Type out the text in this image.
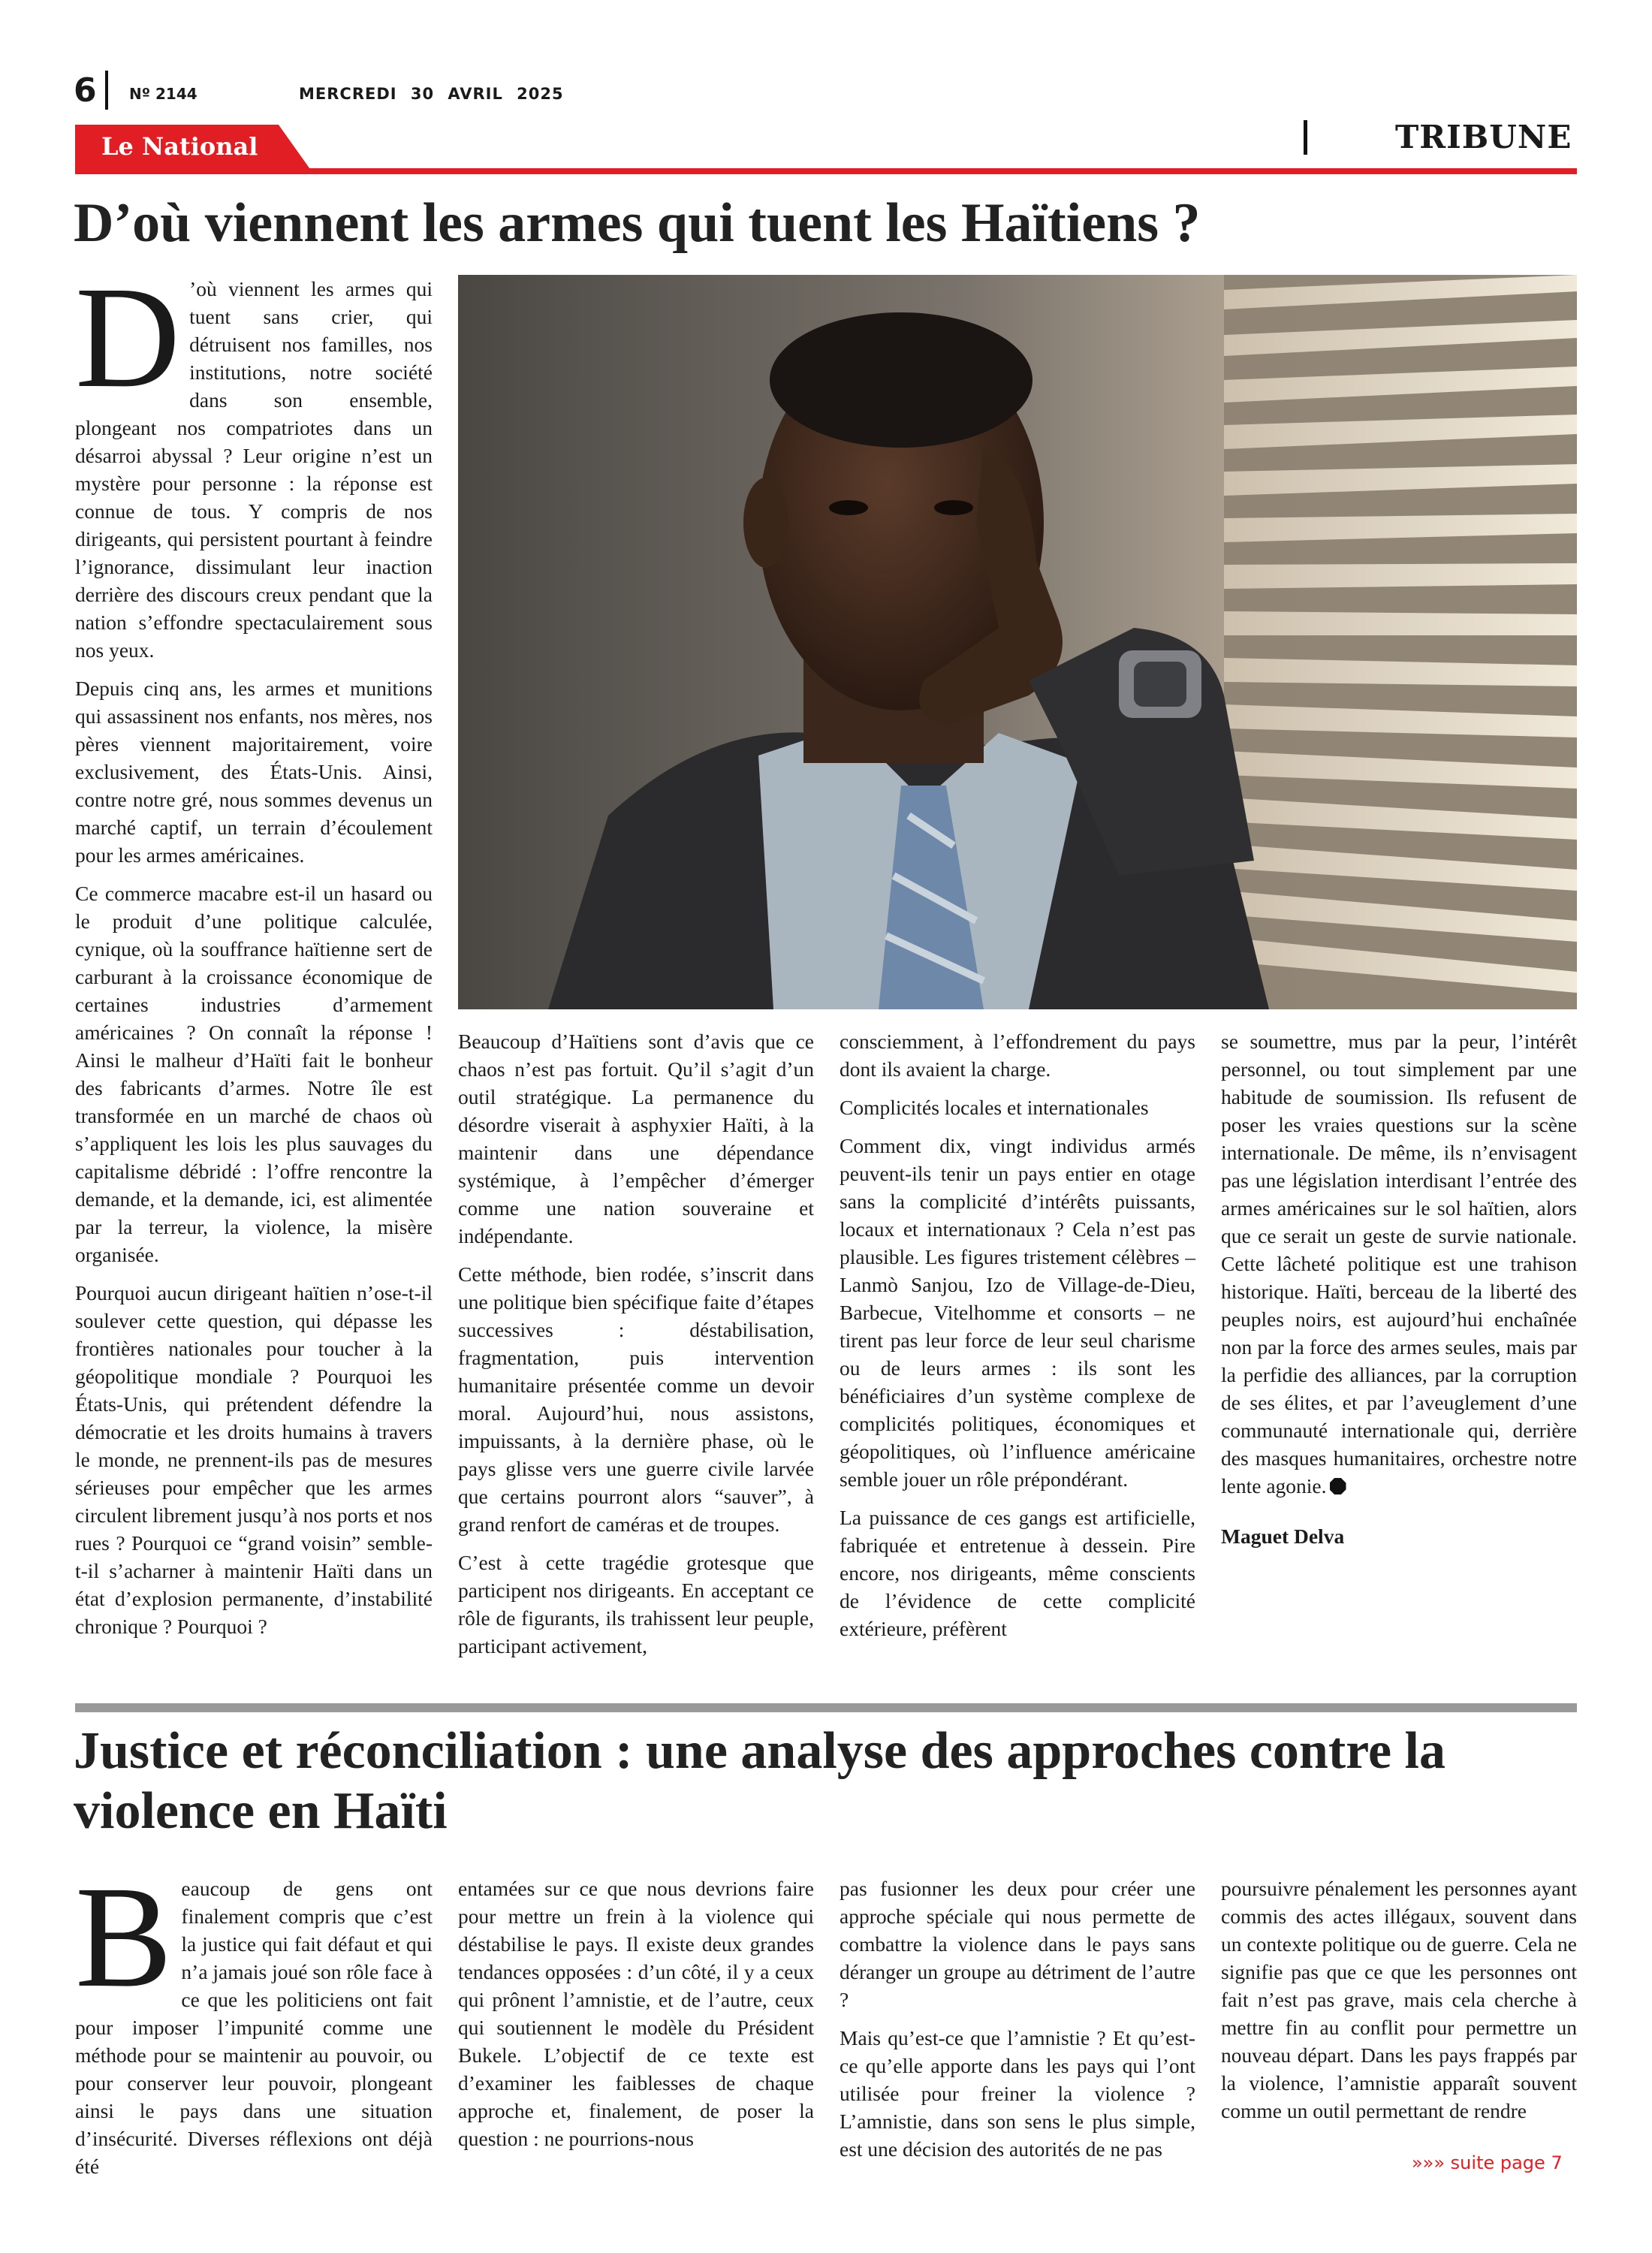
6 Nº 2144	MERCREDI 30 AVRIL 2025
Le National	TRIBUNE
D’où viennent les armes qui tuent les Haïtiens ?

D ’où viennent les armes qui tuent sans crier, qui détruisent nos familles, nos institutions, notre société dans son ensemble, plongeant nos compatriotes dans un désarroi abyssal ? Leur origine n’est un mystère pour personne : la réponse est connue de tous. Y compris de nos dirigeants, qui persistent pourtant à feindre l’ignorance, dissimulant leur inaction derrière des discours creux pendant que la nation s’effondre spectaculairement sous nos yeux.

Depuis cinq ans, les armes et munitions qui assassinent nos enfants, nos mères, nos pères viennent majoritairement, voire exclusivement, des États-Unis. Ainsi, contre notre gré, nous sommes devenus un marché captif, un terrain d’écoulement pour les armes américaines.

Ce commerce macabre est-il un hasard ou le produit d’une politique calculée, cynique, où la souffrance haïtienne sert de carburant à la croissance économique de certaines industries d’armement américaines ? On connaît la réponse ! Ainsi le malheur d’Haïti fait le bonheur des fabricants d’armes. Notre île est transformée en un marché de chaos où s’appliquent les lois les plus sauvages du capitalisme débridé : l’offre rencontre la demande, et la demande, ici, est alimentée par la terreur, la violence, la misère organisée.

Pourquoi aucun dirigeant haïtien n’ose-t-il soulever cette question, qui dépasse les frontières nationales pour toucher à la géopolitique mondiale ? Pourquoi les États-Unis, qui prétendent défendre la démocratie et les droits humains à travers le monde, ne prennent-ils pas de mesures sérieuses pour empêcher que les armes circulent librement jusqu’à nos ports et nos rues ? Pourquoi ce “grand voisin” semble-t-il s’acharner à maintenir Haïti dans un état d’explosion permanente, d’instabilité chronique ? Pourquoi ?

Beaucoup d’Haïtiens sont d’avis que ce chaos n’est pas fortuit. Qu’il s’agit d’un outil stratégique. La permanence du désordre viserait à asphyxier Haïti, à la maintenir dans une dépendance systémique, à l’empêcher d’émerger comme une nation souveraine et indépendante.

Cette méthode, bien rodée, s’inscrit dans une politique bien spécifique faite d’étapes successives : déstabilisation, fragmentation, puis intervention humanitaire présentée comme un devoir moral. Aujourd’hui, nous assistons, impuissants, à la dernière phase, où le pays glisse vers une guerre civile larvée que certains pourront alors “sauver”, à grand renfort de caméras et de troupes.

C’est à cette tragédie grotesque que participent nos dirigeants. En acceptant ce rôle de figurants, ils trahissent leur peuple, participant activement,

consciemment, à l’effondrement du pays dont ils avaient la charge.

Complicités locales et internationales

Comment dix, vingt individus armés peuvent-ils tenir un pays entier en otage sans la complicité d’intérêts puissants, locaux et internationaux ? Cela n’est pas plausible. Les figures tristement célèbres – Lanmò Sanjou, Izo de Village-de-Dieu, Barbecue, Vitelhomme et consorts – ne tirent pas leur force de leur seul charisme ou de leurs armes : ils sont les bénéficiaires d’un système complexe de complicités politiques, économiques et géopolitiques, où l’influence américaine semble jouer un rôle prépondérant.

La puissance de ces gangs est artificielle, fabriquée et entretenue à dessein. Pire encore, nos dirigeants, même conscients de l’évidence de cette complicité extérieure, préfèrent

se soumettre, mus par la peur, l’intérêt personnel, ou tout simplement par une habitude de soumission. Ils refusent de poser les vraies questions sur la scène internationale. De même, ils n’envisagent pas une législation interdisant l’entrée des armes américaines sur le sol haïtien, alors que ce serait un geste de survie nationale. Cette lâcheté politique est une trahison historique. Haïti, berceau de la liberté des peuples noirs, est aujourd’hui enchaînée non par la force des armes seules, mais par la perfidie des alliances, par la corruption de ses élites, et par l’aveuglement d’une communauté internationale qui, derrière des masques humanitaires, orchestre notre lente agonie.

Maguet Delva

Justice et réconciliation : une analyse des approches contre la violence en Haïti

Beaucoup de gens ont finalement compris que c’est la justice qui fait défaut et qui n’a jamais joué son rôle face à ce que les politiciens ont fait pour imposer l’impunité comme une méthode pour se maintenir au pouvoir, ou pour conserver leur pouvoir, plongeant ainsi le pays dans une situation d’insécurité. Diverses réflexions ont déjà été

entamées sur ce que nous devrions faire pour mettre un frein à la violence qui déstabilise le pays. Il existe deux grandes tendances opposées : d’un côté, il y a ceux qui prônent l’amnistie, et de l’autre, ceux qui soutiennent le modèle du Président Bukele. L’objectif de ce texte est d’examiner les faiblesses de chaque approche et, finalement, de poser la question : ne pourrions-nous

pas fusionner les deux pour créer une approche spéciale qui nous permette de combattre la violence dans le pays sans déranger un groupe au détriment de l’autre ?

Mais qu’est-ce que l’amnistie ? Et qu’est-ce qu’elle apporte dans les pays qui l’ont utilisée pour freiner la violence ? L’amnistie, dans son sens le plus simple, est une décision des autorités de ne pas

poursuivre pénalement les personnes ayant commis des actes illégaux, souvent dans un contexte politique ou de guerre. Cela ne signifie pas que ce que les personnes ont fait n’est pas grave, mais cela cherche à mettre fin au conflit pour permettre un nouveau départ. Dans les pays frappés par la violence, l’amnistie apparaît souvent comme un outil permettant de rendre

»»» suite page 7
